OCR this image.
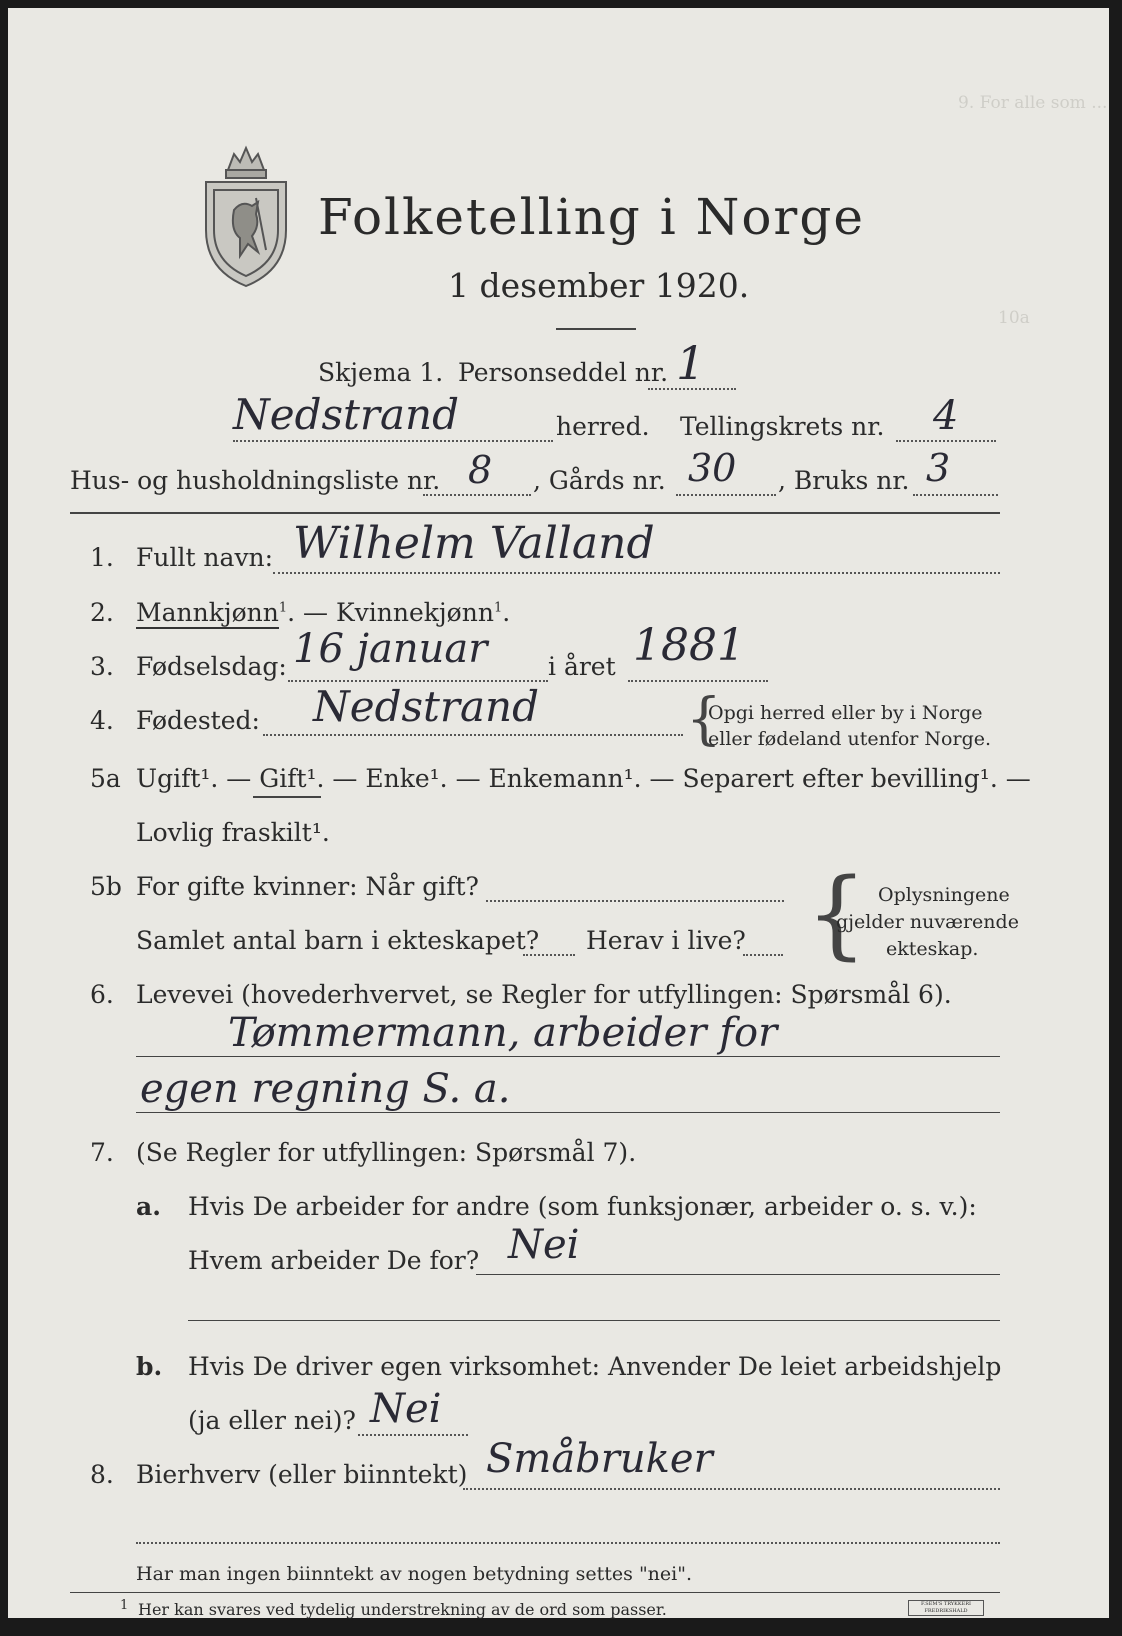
9. For alle som ...
10a
Folketelling i Norge
1 desember 1920.
Skjema 1. Personseddel nr. 1
Nedstrand	herred. Tellingskrets nr. 4
Hus- og husholdningsliste nr. 8 , Gårds nr. 30 , Bruks nr. 3
1. Fullt navn: Wilhelm Valland
2. Mannkjønn$^1$. — Kvinnekjønn$^1$.
3. Fødselsdag: 16 januar i året 1881
4. Fødested: Nedstrand	{
Opgi herred eller by i Norge
eller fødeland utenfor Norge.
5a Ugift¹. — Gift¹. — Enke¹. — Enkemann¹. — Separert efter bevilling¹. —
Lovlig fraskilt¹.
5b For gifte kvinner: Når gift?
Samlet antal barn i ekteskapet? Herav i live? { Oplysningene
gjelder nuværende
ekteskap.
6. Levevei (hovederhvervet, se Regler for utfyllingen: Spørsmål 6).
Tømmermann, arbeider for
egen regning S. a.
7. (Se Regler for utfyllingen: Spørsmål 7).
a. Hvis De arbeider for andre (som funksjonær, arbeider o. s. v.):
Hvem arbeider De for? Nei
b. Hvis De driver egen virksomhet: Anvender De leiet arbeidshjelp
(ja eller nei)? Nei
8. Bierhverv (eller biinntekt) Småbruker
Har man ingen biinntekt av nogen betydning settes "nei".
1 Her kan svares ved tydelig understrekning av de ord som passer.	F.SEM'S TRYKKERI FREDRIKSHALD
